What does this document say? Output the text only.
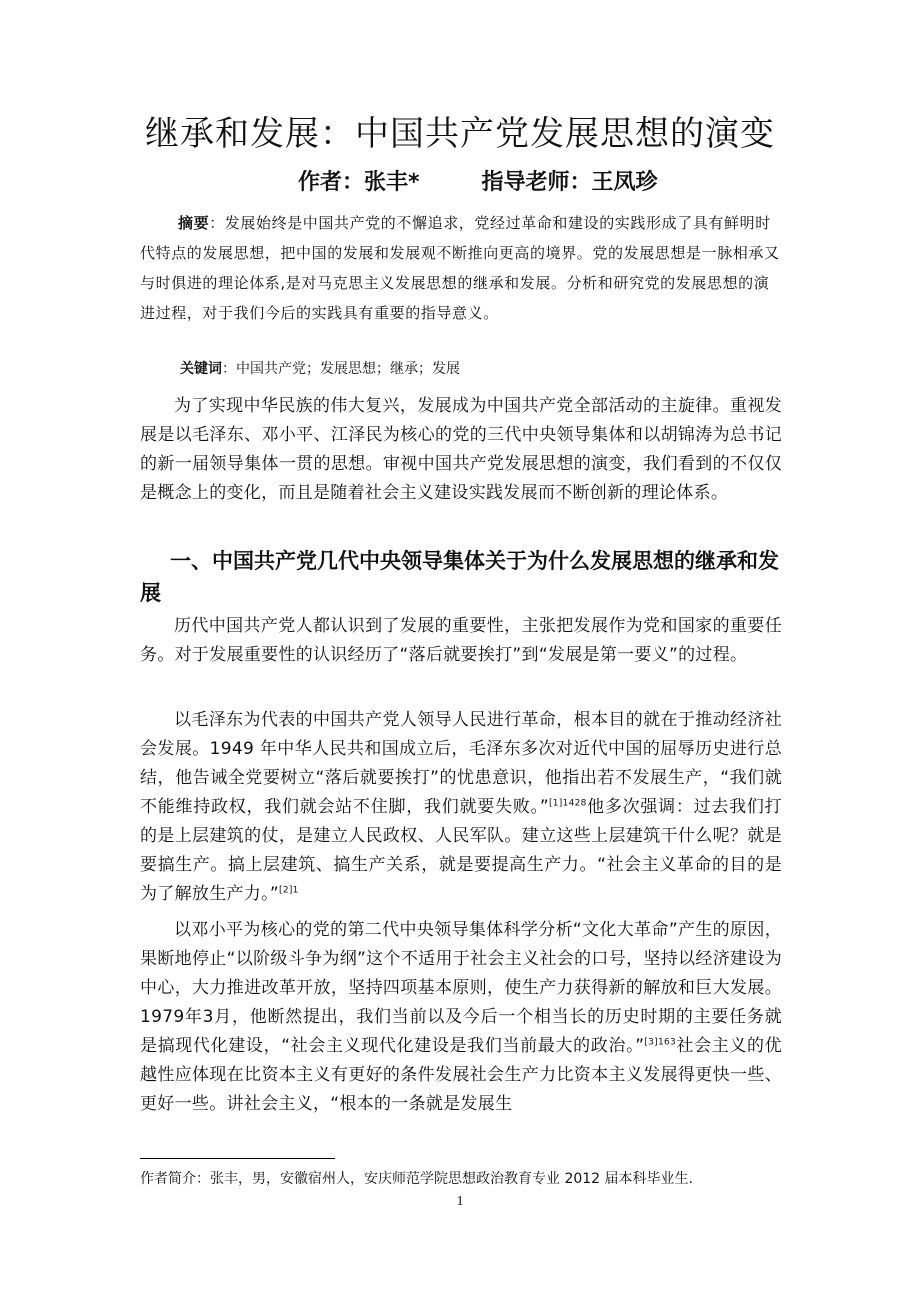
继承和发展：中国共产党发展思想的演变
作者：张丰*	指导老师：王凤珍

摘要：发展始终是中国共产党的不懈追求，党经过革命和建设的实践形成了具有鲜明时代特点的发展思想，把中国的发展和发展观不断推向更高的境界。党的发展思想是一脉相承又与时俱进的理论体系,是对马克思主义发展思想的继承和发展。分析和研究党的发展思想的演进过程，对于我们今后的实践具有重要的指导意义。

关键词：中国共产党；发展思想；继承；发展

为了实现中华民族的伟大复兴，发展成为中国共产党全部活动的主旋律。重视发展是以毛泽东、邓小平、江泽民为核心的党的三代中央领导集体和以胡锦涛为总书记的新一届领导集体一贯的思想。审视中国共产党发展思想的演变，我们看到的不仅仅是概念上的变化，而且是随着社会主义建设实践发展而不断创新的理论体系。

一、中国共产党几代中央领导集体关于为什么发展思想的继承和发展

历代中国共产党人都认识到了发展的重要性，主张把发展作为党和国家的重要任务。对于发展重要性的认识经历了“落后就要挨打”到“发展是第一要义”的过程。

以毛泽东为代表的中国共产党人领导人民进行革命，根本目的就在于推动经济社会发展。1949 年中华人民共和国成立后，毛泽东多次对近代中国的屈辱历史进行总结，他告诫全党要树立“落后就要挨打”的忧患意识，他指出若不发展生产，“我们就不能维持政权，我们就会站不住脚，我们就要失败。”$^{[1]1428}$他多次强调：过去我们打的是上层建筑的仗，是建立人民政权、人民军队。建立这些上层建筑干什么呢？就是要搞生产。搞上层建筑、搞生产关系，就是要提高生产力。“社会主义革命的目的是为了解放生产力。”$^{[2]1}$

以邓小平为核心的党的第二代中央领导集体科学分析“文化大革命”产生的原因，果断地停止“以阶级斗争为纲”这个不适用于社会主义社会的口号，坚持以经济建设为中心，大力推进改革开放，坚持四项基本原则，使生产力获得新的解放和巨大发展。1979年3月，他断然提出，我们当前以及今后一个相当长的历史时期的主要任务就是搞现代化建设，“社会主义现代化建设是我们当前最大的政治。”$^{[3]163}$社会主义的优越性应体现在比资本主义有更好的条件发展社会生产力比资本主义发展得更快一些、更好一些。讲社会主义，“根本的一条就是发展生

作者简介：张丰，男，安徽宿州人，安庆师范学院思想政治教育专业 2012 届本科毕业生.
1
